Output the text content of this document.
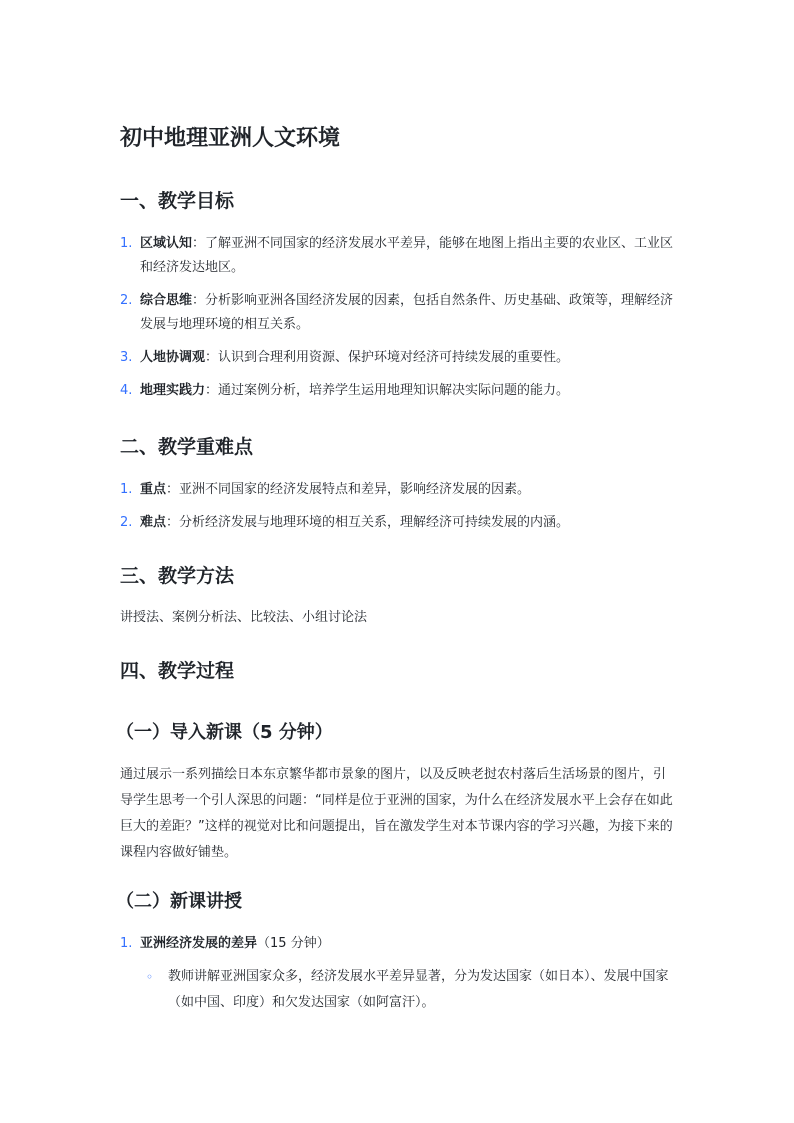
初中地理亚洲人文环境
一、教学目标
1. 区域认知：了解亚洲不同国家的经济发展水平差异，能够在地图上指出主要的农业区、工业区和经济发达地区。
2. 综合思维：分析影响亚洲各国经济发展的因素，包括自然条件、历史基础、政策等，理解经济发展与地理环境的相互关系。
3. 人地协调观：认识到合理利用资源、保护环境对经济可持续发展的重要性。
4. 地理实践力：通过案例分析，培养学生运用地理知识解决实际问题的能力。
二、教学重难点
1. 重点：亚洲不同国家的经济发展特点和差异，影响经济发展的因素。
2. 难点：分析经济发展与地理环境的相互关系，理解经济可持续发展的内涵。
三、教学方法

讲授法、案例分析法、比较法、小组讨论法

四、教学过程
（一）导入新课（5 分钟）

通过展示一系列描绘日本东京繁华都市景象的图片，以及反映老挝农村落后生活场景的图片，引导学生思考一个引人深思的问题：“同样是位于亚洲的国家，为什么在经济发展水平上会存在如此巨大的差距？”这样的视觉对比和问题提出，旨在激发学生对本节课内容的学习兴趣，为接下来的课程内容做好铺垫。

（二）新课讲授
1. 亚洲经济发展的差异（15 分钟）
◦ 教师讲解亚洲国家众多，经济发展水平差异显著，分为发达国家（如日本）、发展中国家（如中国、印度）和欠发达国家（如阿富汗）。
